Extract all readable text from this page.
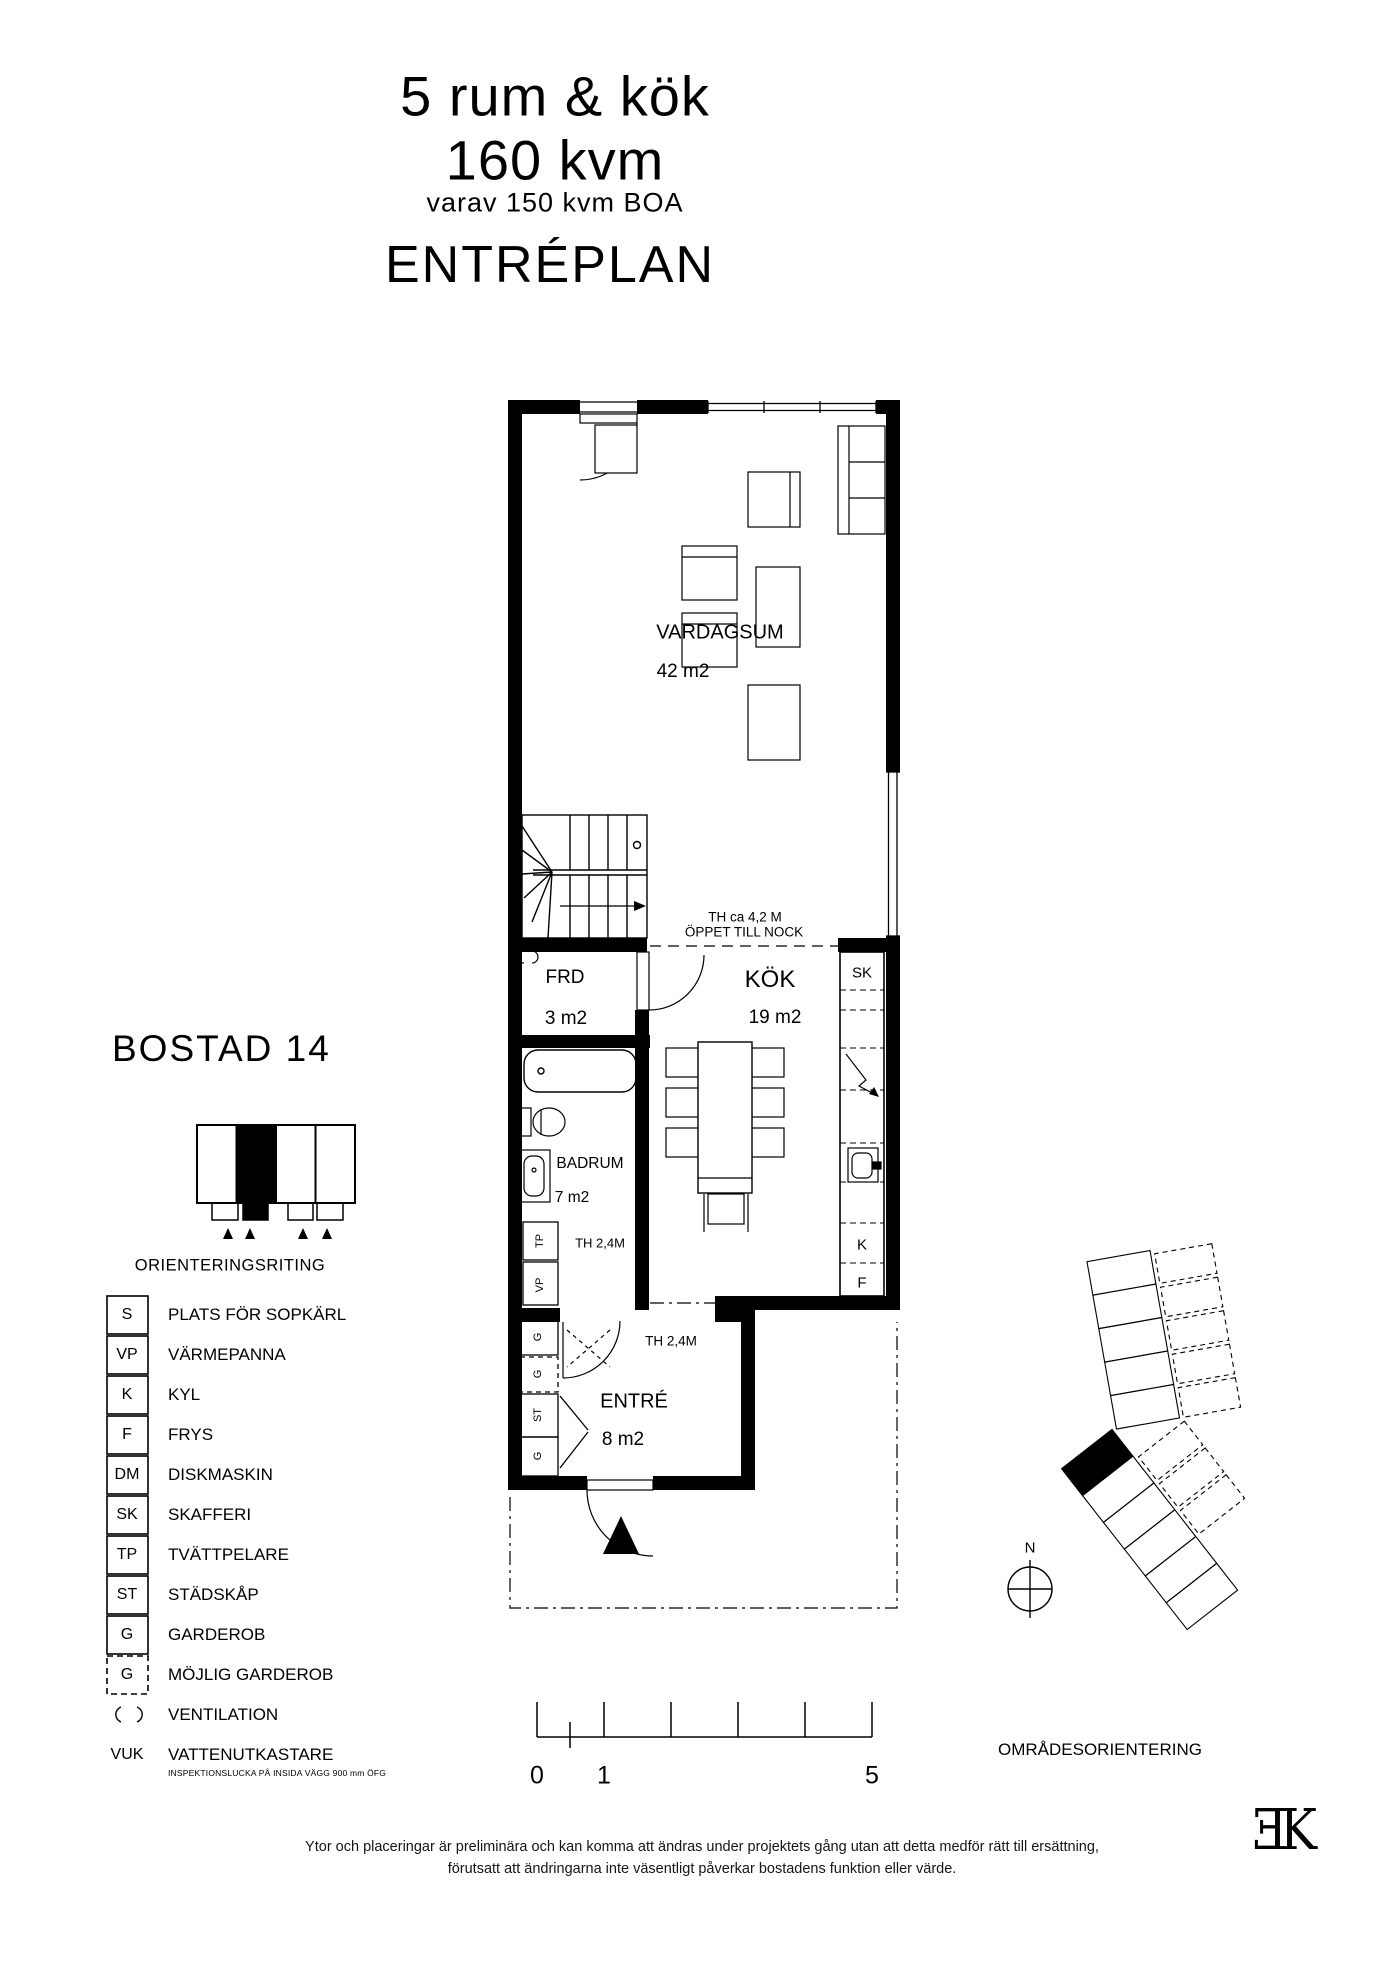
5 rum & kök
160 kvm
varav 150 kvm BOA
ENTRÉPLAN
VARDAGSUM
42 m2
FRD
3 m2
KÖK
19 m2
BADRUM
7 m2
ENTRÉ
8 m2
TH ca 4,2 M
ÖPPET TILL NOCK
TH 2,4M
TH 2,4M
SK
K
F
TP
VP
G
G
ST
G
BOSTAD 14
ORIENTERINGSRITING
S PLATS FÖR SOPKÄRL
VP VÄRMEPANNA
K KYL
F FRYS
DM DISKMASKIN
SK SKAFFERI
TP TVÄTTPELARE
ST STÄDSKÅP
G GARDEROB
G MÖJLIG GARDEROB
VENTILATION
VUK VATTENUTKASTARE
INSPEKTIONSLUCKA PÅ INSIDA VÄGG 900 mm ÖFG	0 1	5
N
OMRÅDESORIENTERING
Ytor och placeringar är preliminära och kan komma att ändras under projektets gång utan att detta medför rätt till ersättning,
förutsatt att ändringarna inte väsentligt påverkar bostadens funktion eller värde.
ƎK
